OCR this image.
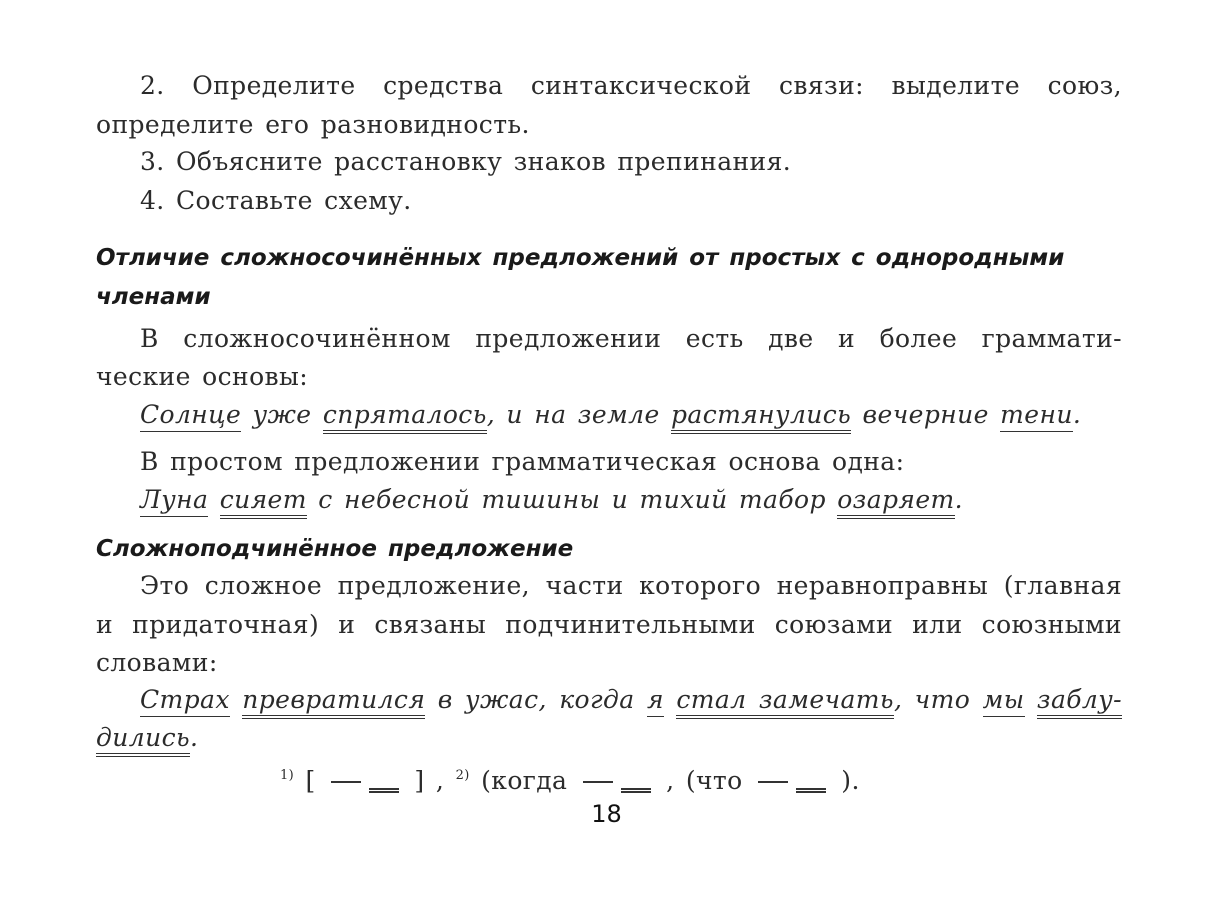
2. Определите средства синтаксической связи: выделите союз,
определите его разновидность.
3. Объясните расстановку знаков препинания.
4. Составьте схему.
Отличие сложносочинённых предложений от простых с однородными
членами
В сложносочинённом предложении есть две и более граммати-
ческие основы:
Солнце уже спряталось, и на земле растянулись вечерние тени.
В простом предложении грамматическая основа одна:
Луна сияет с небесной тишины и тихий табор озаряет.
Сложноподчинённое предложение
Это сложное предложение, части которого неравноправны (главная
и придаточная) и связаны подчинительными союзами или союзными
словами:
Страх превратился в ужас, когда я стал замечать, что мы заблу-
дились.
$^{1)}$ [	] , $^{2)}$ (когда	, (что	).
18
